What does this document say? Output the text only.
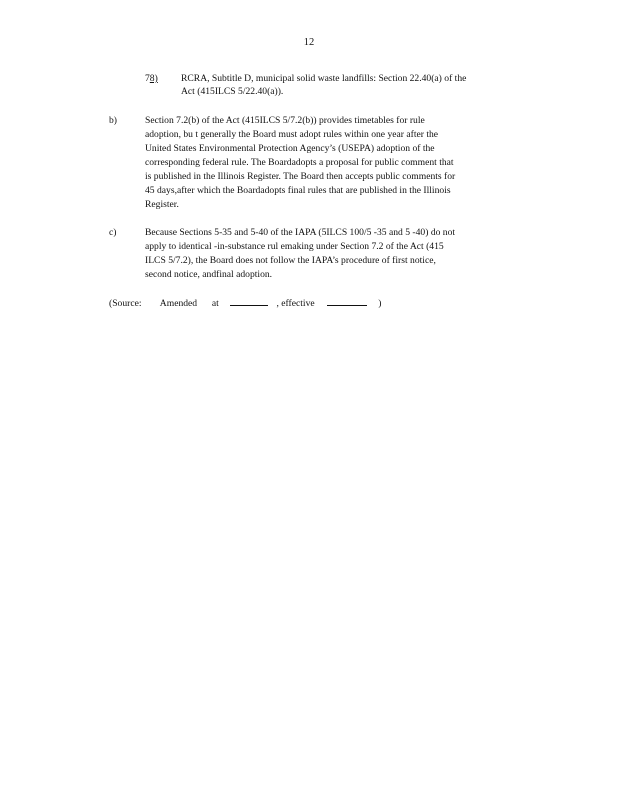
12
78) RCRA, Subtitle D, municipal solid waste landfills: Section 22.40(a) of the
Act (415ILCS 5/22.40(a)).
b)	Section 7.2(b) of the Act (415ILCS 5/7.2(b)) provides timetables for rule
adoption, bu t generally the Board must adopt rules within one year after the
United States Environmental Protection Agency’s (USEPA) adoption of the
corresponding federal rule. The Boardadopts a proposal for public comment that
is published in the Illinois Register. The Board then accepts public comments for
45 days,after which the Boardadopts final rules that are published in the Illinois
Register.
c)	Because Sections 5-35 and 5-40 of the IAPA (5ILCS 100/5 -35 and 5 -40) do not
apply to identical -in-substance rul emaking under Section 7.2 of the Act (415
ILCS 5/7.2), the Board does not follow the IAPA’s procedure of first notice,
second notice, andfinal adoption.
(Source: Amended at	, effective	)
